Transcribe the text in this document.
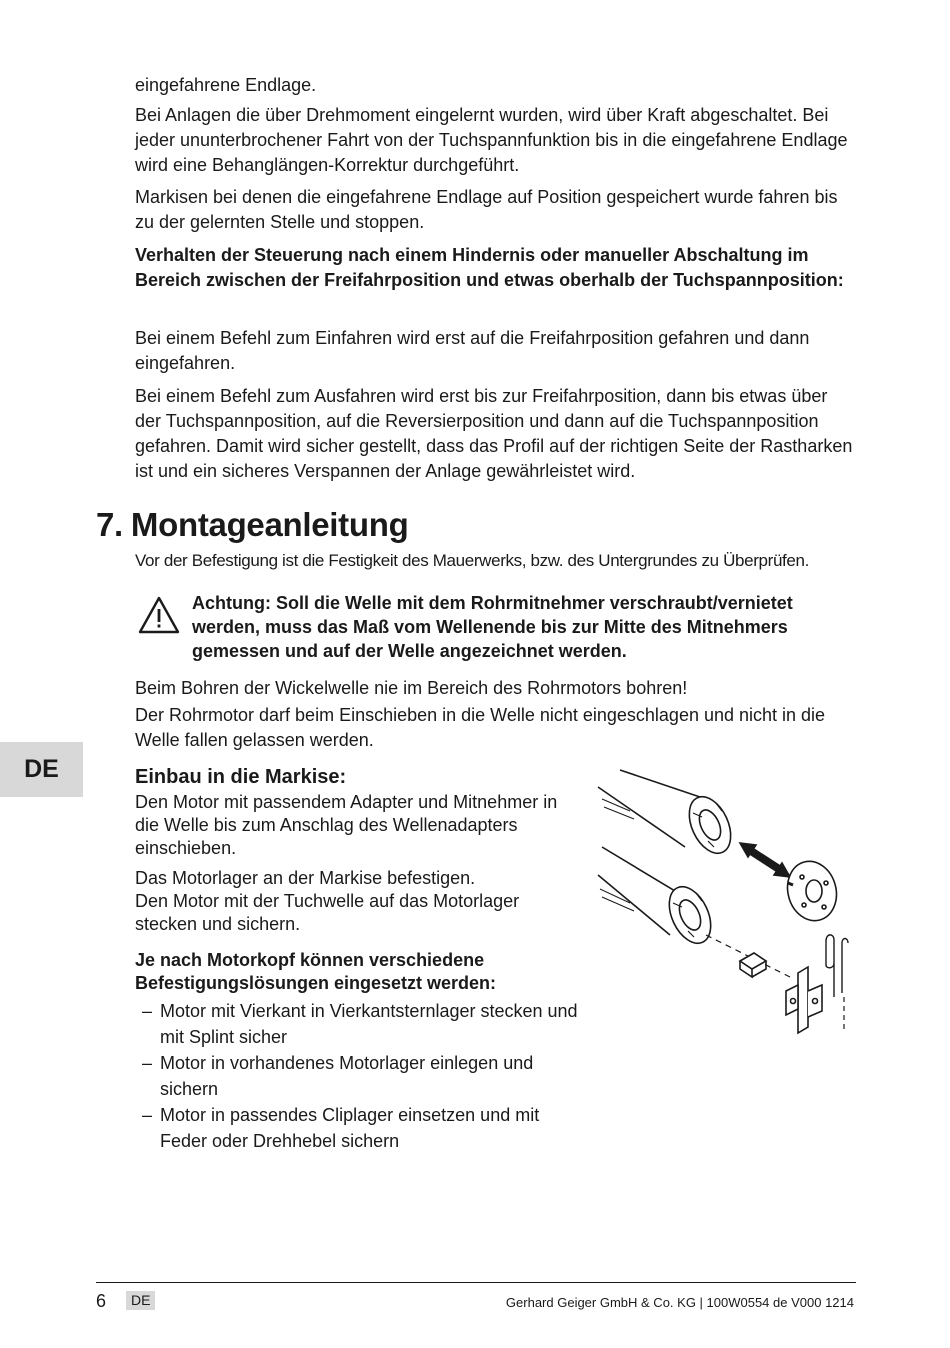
eingefahrene Endlage.

Bei Anlagen die über Drehmoment eingelernt wurden, wird über Kraft abgeschaltet. Bei jeder ununterbrochener Fahrt von der Tuchspannfunktion bis in die eingefahrene Endlage wird eine Behanglängen-Korrektur durchgeführt.

Markisen bei denen die eingefahrene Endlage auf Position gespeichert wurde fahren bis zu der gelernten Stelle und stoppen.

Verhalten der Steuerung nach einem Hindernis oder manueller Abschaltung im Bereich zwischen der Freifahrposition und etwas oberhalb der Tuchspannposition:

Bei einem Befehl zum Einfahren wird erst auf die Freifahrposition gefahren und dann eingefahren.

Bei einem Befehl zum Ausfahren wird erst bis zur Freifahrposition, dann bis etwas über der Tuchspannposition, auf die Reversierposition und dann auf die Tuchspannposition gefahren. Damit wird sicher gestellt, dass das Profil auf der richtigen Seite der Rastharken ist und ein sicheres Verspannen der Anlage gewährleistet wird.

7. Montageanleitung
Vor der Befestigung ist die Festigkeit des Mauerwerks, bzw. des Untergrundes zu Überprüfen.

Achtung: Soll die Welle mit dem Rohrmitnehmer verschraubt/vernietet werden, muss das Maß vom Wellenende bis zur Mitte des Mitnehmers gemessen und auf der Welle angezeichnet werden.

Beim Bohren der Wickelwelle nie im Bereich des Rohrmotors bohren!

Der Rohrmotor darf beim Einschieben in die Welle nicht eingeschlagen und nicht in die Welle fallen gelassen werden.

DE	Einbau in die Markise:

Den Motor mit passendem Adapter und Mitnehmer in die Welle bis zum Anschlag des Wellenadapters einschieben.

Das Motorlager an der Markise befestigen.
Den Motor mit der Tuchwelle auf das Motorlager stecken und sichern.

Je nach Motorkopf können verschiedene Befestigungslösungen eingesetzt werden:

– Motor mit Vierkant in Vierkantsternlager stecken und mit Splint sicher
– Motor in vorhandenes Motorlager einlegen und sichern
– Motor in passendes Cliplager einsetzen und mit Feder oder Drehhebel sichern
6	DE	Gerhard Geiger GmbH & Co. KG | 100W0554 de V000 1214
